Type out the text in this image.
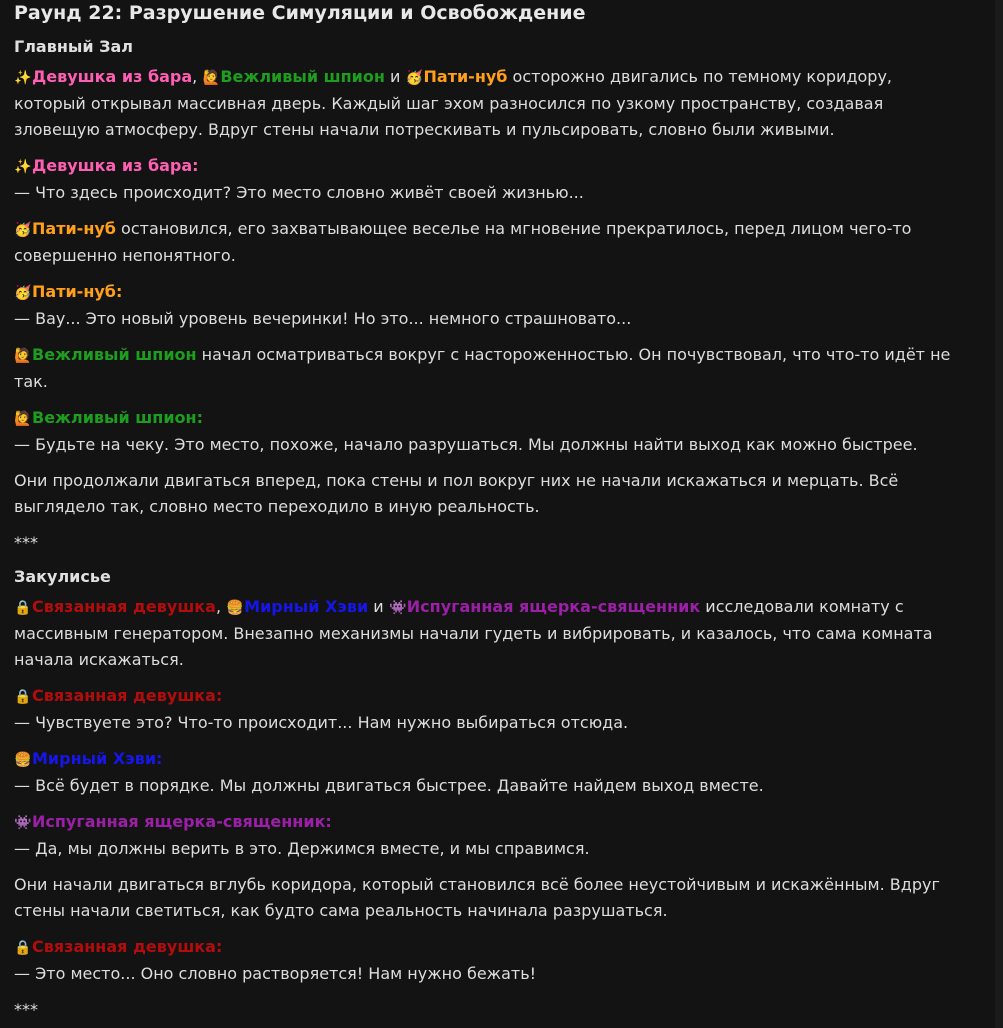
Раунд 22: Разрушение Симуляции и Освобождение
Главный Зал

✨Девушка из бара, 🙋Вежливый шпион и 🥳Пати-нуб осторожно двигались по темному коридору, который открывал массивная дверь. Каждый шаг эхом разносился по узкому пространству, создавая зловещую атмосферу. Вдруг стены начали потрескивать и пульсировать, словно были живыми.

✨Девушка из бара:

— Что здесь происходит? Это место словно живёт своей жизнью...

🥳Пати-нуб остановился, его захватывающее веселье на мгновение прекратилось, перед лицом чего-то совершенно непонятного.

🥳Пати-нуб:

— Вау... Это новый уровень вечеринки! Но это... немного страшновато...

🙋Вежливый шпион начал осматриваться вокруг с настороженностью. Он почувствовал, что что-то идёт не так.

🙋Вежливый шпион:

— Будьте на чеку. Это место, похоже, начало разрушаться. Мы должны найти выход как можно быстрее.

Они продолжали двигаться вперед, пока стены и пол вокруг них не начали искажаться и мерцать. Всё выглядело так, словно место переходило в иную реальность.

***

Закулисье

🔒Связанная девушка, 🍔Мирный Хэви и 👾Испуганная ящерка-священник исследовали комнату с массивным генератором. Внезапно механизмы начали гудеть и вибрировать, и казалось, что сама комната начала искажаться.

🔒Связанная девушка:

— Чувствуете это? Что-то происходит... Нам нужно выбираться отсюда.

🍔Мирный Хэви:

— Всё будет в порядке. Мы должны двигаться быстрее. Давайте найдем выход вместе.

👾Испуганная ящерка-священник:

— Да, мы должны верить в это. Держимся вместе, и мы справимся.

Они начали двигаться вглубь коридора, который становился всё более неустойчивым и искажённым. Вдруг стены начали светиться, как будто сама реальность начинала разрушаться.

🔒Связанная девушка:

— Это место... Оно словно растворяется! Нам нужно бежать!

***
